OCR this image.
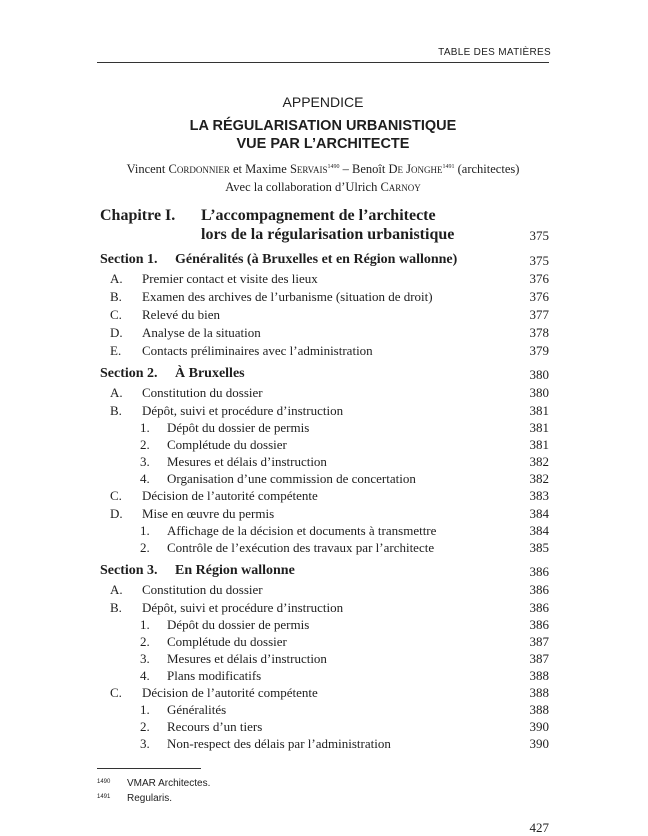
TABLE DES MATIÈRES
APPENDICE
LA RÉGULARISATION URBANISTIQUE
VUE PAR L’ARCHITECTE
Vincent Cordonnier et Maxime Servais$^{1490}$ – Benoît De Jonghe$^{1491}$ (architectes)
Avec la collaboration d’Ulrich Carnoy
Chapitre I. L’accompagnement de l’architecte
lors de la régularisation urbanistique	375
Section 1. Généralités (à Bruxelles et en Région wallonne)	375
A. Premier contact et visite des lieux	376
B. Examen des archives de l’urbanisme (situation de droit)	376
C. Relevé du bien	377
D. Analyse de la situation	378
E. Contacts préliminaires avec l’administration	379
Section 2. À Bruxelles	380
A. Constitution du dossier	380
B. Dépôt, suivi et procédure d’instruction	381
1. Dépôt du dossier de permis	381
2. Complétude du dossier	381
3. Mesures et délais d’instruction	382
4. Organisation d’une commission de concertation	382
C. Décision de l’autorité compétente	383
D. Mise en œuvre du permis	384
1. Affichage de la décision et documents à transmettre	384
2. Contrôle de l’exécution des travaux par l’architecte	385
Section 3. En Région wallonne	386
A. Constitution du dossier	386
B. Dépôt, suivi et procédure d’instruction	386
1. Dépôt du dossier de permis	386
2. Complétude du dossier	387
3. Mesures et délais d’instruction	387
4. Plans modificatifs	388
C. Décision de l’autorité compétente	388
1. Généralités	388
2. Recours d’un tiers	390
3. Non-respect des délais par l’administration	390
1490 VMAR Architectes.
1491 Regularis.
427
